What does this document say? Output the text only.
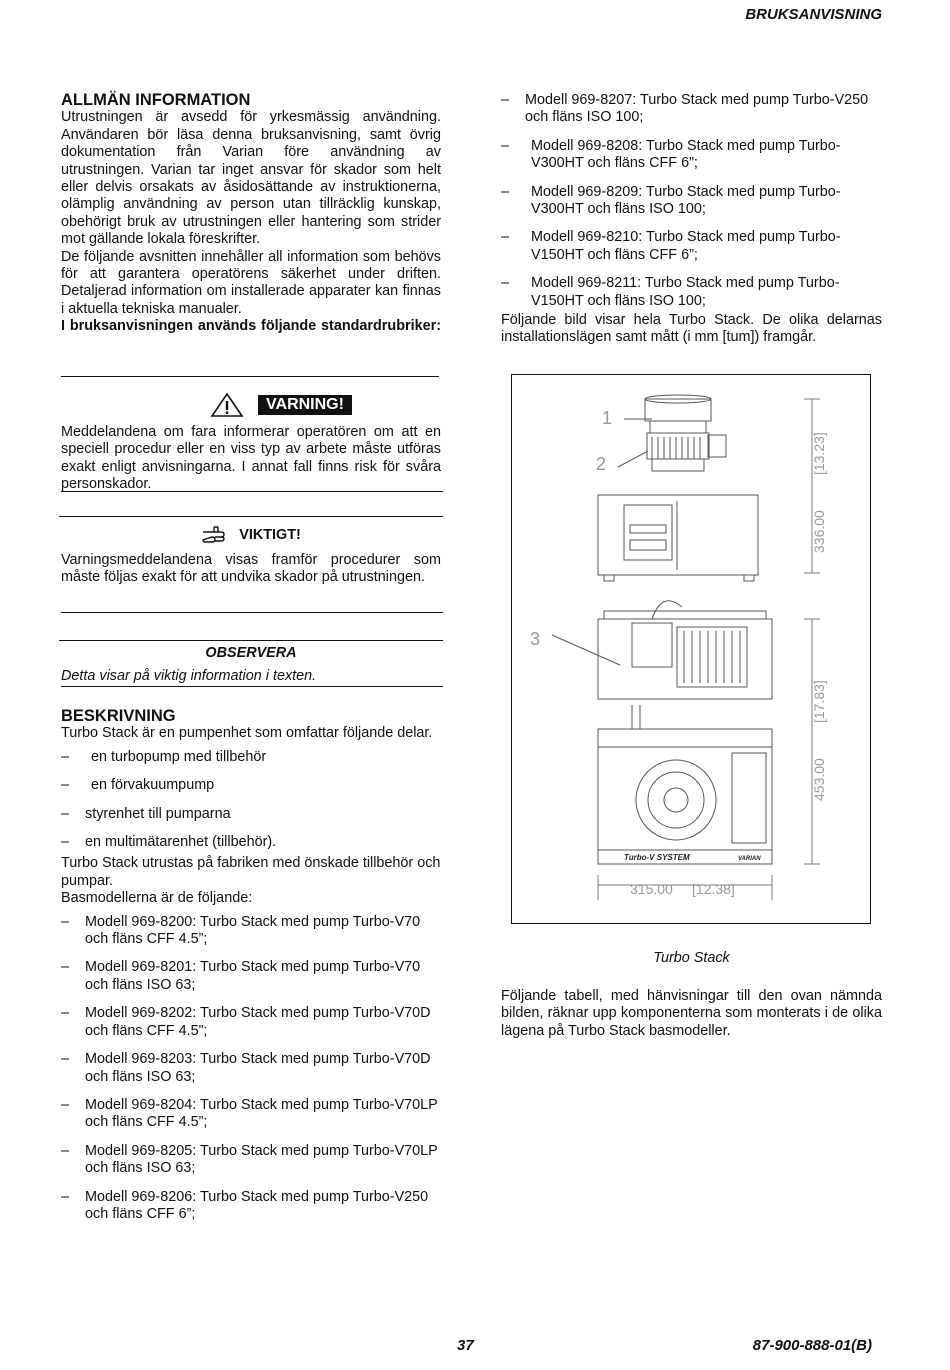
BRUKSANVISNING
ALLMÄN INFORMATION
Utrustningen är avsedd för yrkesmässig användning. Användaren bör läsa denna bruksanvisning, samt övrig dokumentation från Varian före användning av utrustningen. Varian tar inget ansvar för skador som helt eller delvis orsakats av åsidosättande av instruktionerna, olämplig användning av person utan tillräcklig kunskap, obehörigt bruk av utrustningen eller hantering som strider mot gällande lokala föreskrifter.
De följande avsnitten innehåller all information som behövs för att garantera operatörens säkerhet under driften. Detaljerad information om installerade apparater kan finnas i aktuella tekniska manualer.
I bruksanvisningen används följande standardrubriker:
VARNING!
Meddelandena om fara informerar operatören om att en speciell procedur eller en viss typ av arbete måste utföras exakt enligt anvisningarna. I annat fall finns risk för svåra personskador.
VIKTIGT!
Varningsmeddelandena visas framför procedurer som måste följas exakt för att undvika skador på utrustningen.
OBSERVERA
Detta visar på viktig information i texten.
BESKRIVNING
Turbo Stack är en pumpenhet som omfattar följande delar.
– en turbopump med tillbehör
– en förvakuumpump
– styrenhet till pumparna
– en multimätarenhet (tillbehör).
Turbo Stack utrustas på fabriken med önskade tillbehör och pumpar.
Basmodellerna är de följande:
– Modell 969-8200: Turbo Stack med pump Turbo-V70 och fläns CFF 4.5”;
– Modell 969-8201: Turbo Stack med pump Turbo-V70 och fläns ISO 63;
– Modell 969-8202: Turbo Stack med pump Turbo-V70D och fläns CFF 4.5”;
– Modell 969-8203: Turbo Stack med pump Turbo-V70D och fläns ISO 63;
– Modell 969-8204: Turbo Stack med pump Turbo-V70LP och fläns CFF 4.5”;
– Modell 969-8205: Turbo Stack med pump Turbo-V70LP och fläns ISO 63;
– Modell 969-8206: Turbo Stack med pump Turbo-V250 och fläns CFF 6”;
– Modell 969-8207: Turbo Stack med pump Turbo-V250 och fläns ISO 100;
– Modell 969-8208: Turbo Stack med pump Turbo-V300HT och fläns CFF 6”;
– Modell 969-8209: Turbo Stack med pump Turbo-V300HT och fläns ISO 100;
– Modell 969-8210: Turbo Stack med pump Turbo-V150HT och fläns CFF 6”;
– Modell 969-8211: Turbo Stack med pump Turbo-V150HT och fläns ISO 100;
Följande bild visar hela Turbo Stack. De olika delarnas installationslägen samt mått (i mm [tum]) framgår.
1
2
3
336.00
[13.23]
453.00
[17.83]
315.00 [12.38]
Turbo-V SYSTEM	VARIAN
Turbo Stack
Följande tabell, med hänvisningar till den ovan nämnda bilden, räknar upp komponenterna som monterats i de olika lägena på Turbo Stack basmodeller.
37	87-900-888-01(B)
